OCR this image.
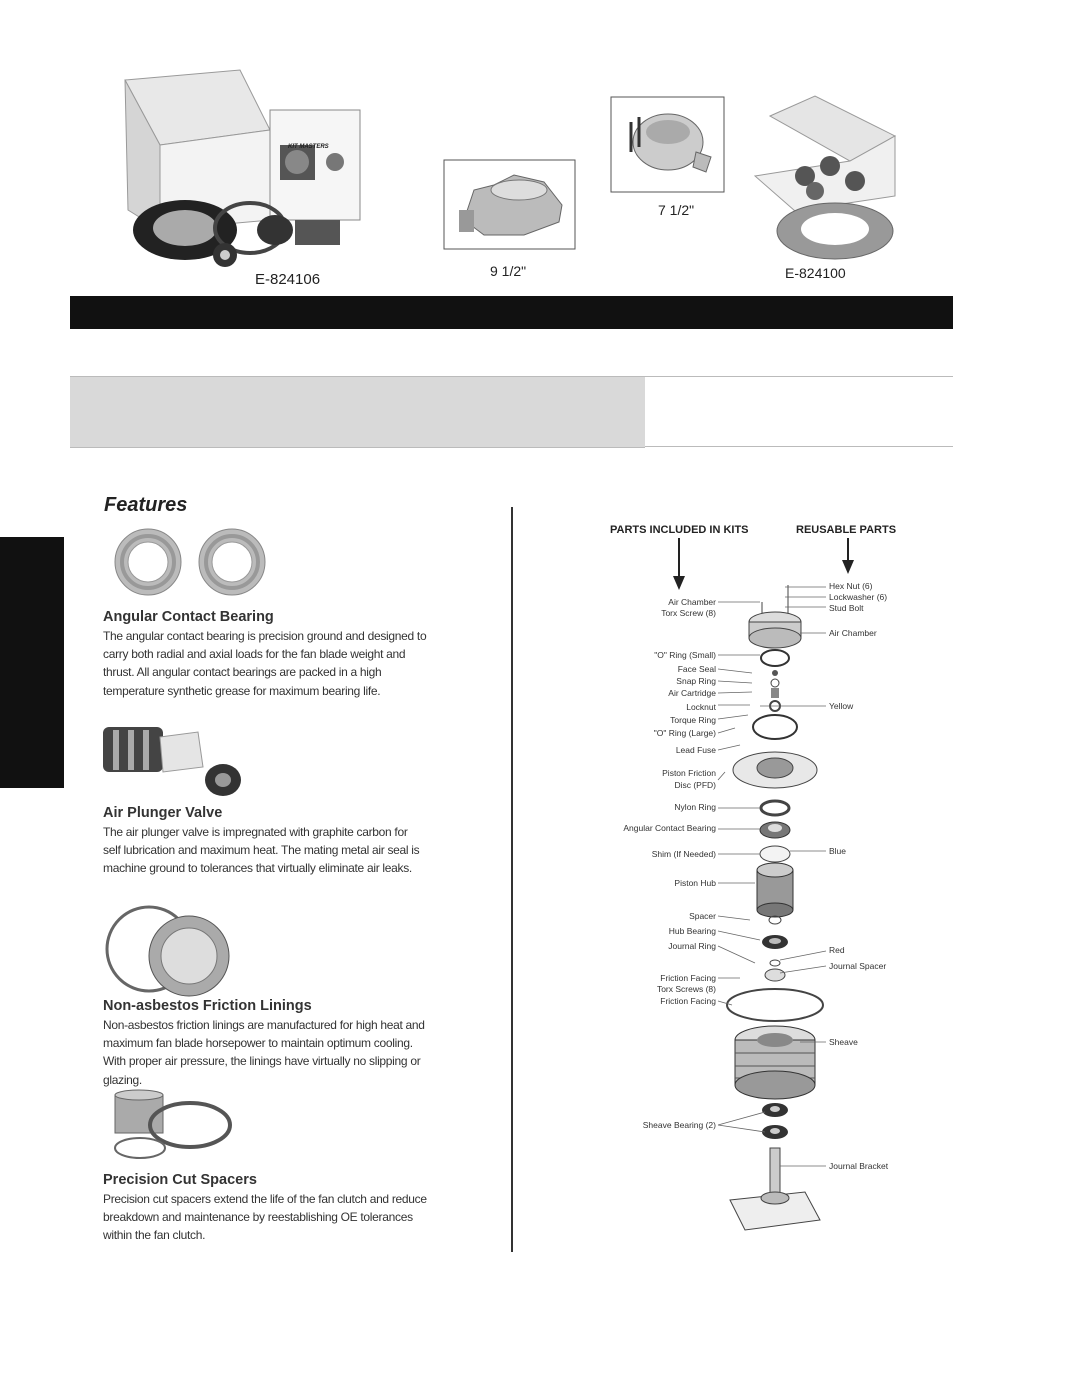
KIT MASTERS
E-824106	9 1/2"
7 1/2"
E-824100
Features
Angular Contact Bearing
The angular contact bearing is precision ground and designed to carry both radial and axial loads for the fan blade weight and thrust. All angular contact bearings are packed in a high temperature synthetic grease for maximum bearing life.
Air Plunger Valve
The air plunger valve is impregnated with graphite carbon for self lubrication and maximum heat. The mating metal air seal is machine ground to tolerances that virtually eliminate air leaks.
Non-asbestos Friction Linings
Non-asbestos friction linings are manufactured for high heat and maximum fan blade horsepower to maintain optimum cooling. With proper air pressure, the linings have virtually no slipping or glazing.
Precision Cut Spacers
Precision cut spacers extend the life of the fan clutch and reduce breakdown and maintenance by reestablishing OE tolerances within the fan clutch.
PARTS INCLUDED IN KITS	REUSABLE PARTS
Air Chamber
Torx Screw (8)
"O" Ring (Small)
Face Seal
Snap Ring
Air Cartridge
Locknut
Torque Ring
"O" Ring (Large)
Lead Fuse
Piston Friction
Disc (PFD)
Nylon Ring
Angular Contact Bearing
Shim (If Needed)
Piston Hub
Spacer
Hub Bearing
Journal Ring
Friction Facing
Torx Screws (8)
Friction Facing
Sheave Bearing (2)
Hex Nut (6)
Lockwasher (6)
Stud Bolt
Air Chamber
Yellow
Blue
Red
Journal Spacer
Sheave
Journal Bracket
